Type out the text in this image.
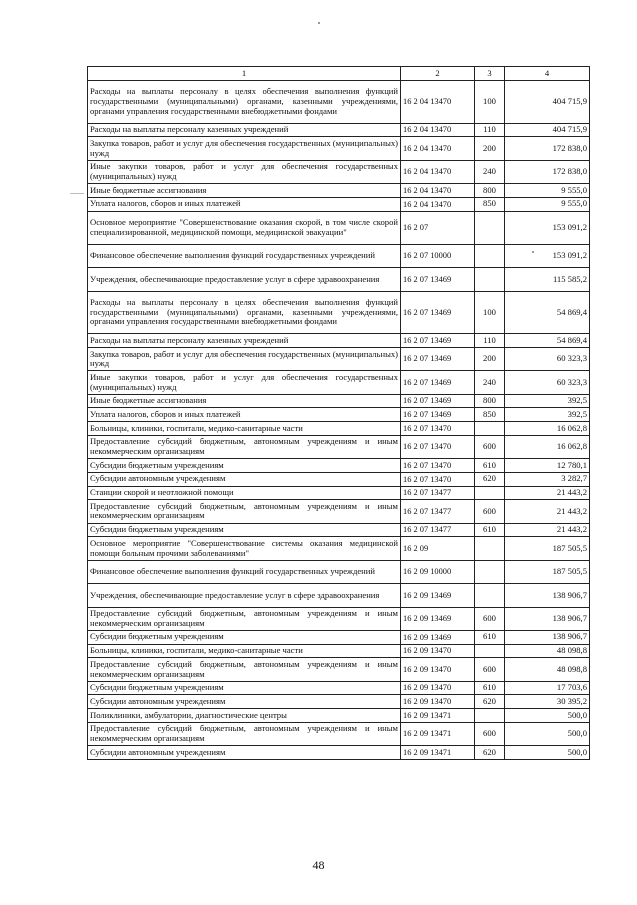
1	2	3	4
Расходы на выплаты персоналу в целях обеспечения выполнения функций государственными (муниципальными) органами, казенными учреждениями, органами управления государственными внебюджетными фондами	16 2 04 13470	100	404 715,9
Расходы на выплаты персоналу казенных учреждений	16 2 04 13470	110	404 715,9
Закупка товаров, работ и услуг для обеспечения государственных (муниципальных) нужд	16 2 04 13470	200	172 838,0
Иные закупки товаров, работ и услуг для обеспечения государственных (муниципальных) нужд	16 2 04 13470	240	172 838,0
Иные бюджетные ассигнования	16 2 04 13470	800	9 555,0
Уплата налогов, сборов и иных платежей	16 2 04 13470	850	9 555,0
Основное мероприятие "Совершенствование оказания скорой, в том числе скорой специализированной, медицинской помощи, медицинской эвакуации"	16 2 07		153 091,2
Финансовое обеспечение выполнения функций государственных учреждений	16 2 07 10000		153 091,2
Учреждения, обеспечивающие предоставление услуг в сфере здравоохранения	16 2 07 13469		115 585,2
Расходы на выплаты персоналу в целях обеспечения выполнения функций государственными (муниципальными) органами, казенными учреждениями, органами управления государственными внебюджетными фондами	16 2 07 13469	100	54 869,4
Расходы на выплаты персоналу казенных учреждений	16 2 07 13469	110	54 869,4
Закупка товаров, работ и услуг для обеспечения государственных (муниципальных) нужд	16 2 07 13469	200	60 323,3
Иные закупки товаров, работ и услуг для обеспечения государственных (муниципальных) нужд	16 2 07 13469	240	60 323,3
Иные бюджетные ассигнования	16 2 07 13469	800	392,5
Уплата налогов, сборов и иных платежей	16 2 07 13469	850	392,5
Больницы, клиники, госпитали, медико-санитарные части	16 2 07 13470		16 062,8
Предоставление субсидий бюджетным, автономным учреждениям и иным некоммерческим организациям	16 2 07 13470	600	16 062,8
Субсидии бюджетным учреждениям	16 2 07 13470	610	12 780,1
Субсидии автономным учреждениям	16 2 07 13470	620	3 282,7
Станции скорой и неотложной помощи	16 2 07 13477		21 443,2
Предоставление субсидий бюджетным, автономным учреждениям и иным некоммерческим организациям	16 2 07 13477	600	21 443,2
Субсидии бюджетным учреждениям	16 2 07 13477	610	21 443,2
Основное мероприятие "Совершенствование системы оказания медицинской помощи больным прочими заболеваниями"	16 2 09		187 505,5
Финансовое обеспечение выполнения функций государственных учреждений	16 2 09 10000		187 505,5
Учреждения, обеспечивающие предоставление услуг в сфере здравоохранения	16 2 09 13469		138 906,7
Предоставление субсидий бюджетным, автономным учреждениям и иным некоммерческим организациям	16 2 09 13469	600	138 906,7
Субсидии бюджетным учреждениям	16 2 09 13469	610	138 906,7
Больницы, клиники, госпитали, медико-санитарные части	16 2 09 13470		48 098,8
Предоставление субсидий бюджетным, автономным учреждениям и иным некоммерческим организациям	16 2 09 13470	600	48 098,8
Субсидии бюджетным учреждениям	16 2 09 13470	610	17 703,6
Субсидии автономным учреждениям	16 2 09 13470	620	30 395,2
Поликлиники, амбулатории, диагностические центры	16 2 09 13471		500,0
Предоставление субсидий бюджетным, автономным учреждениям и иным некоммерческим организациям	16 2 09 13471	600	500,0
Субсидии автономным учреждениям	16 2 09 13471	620	500,0
48
